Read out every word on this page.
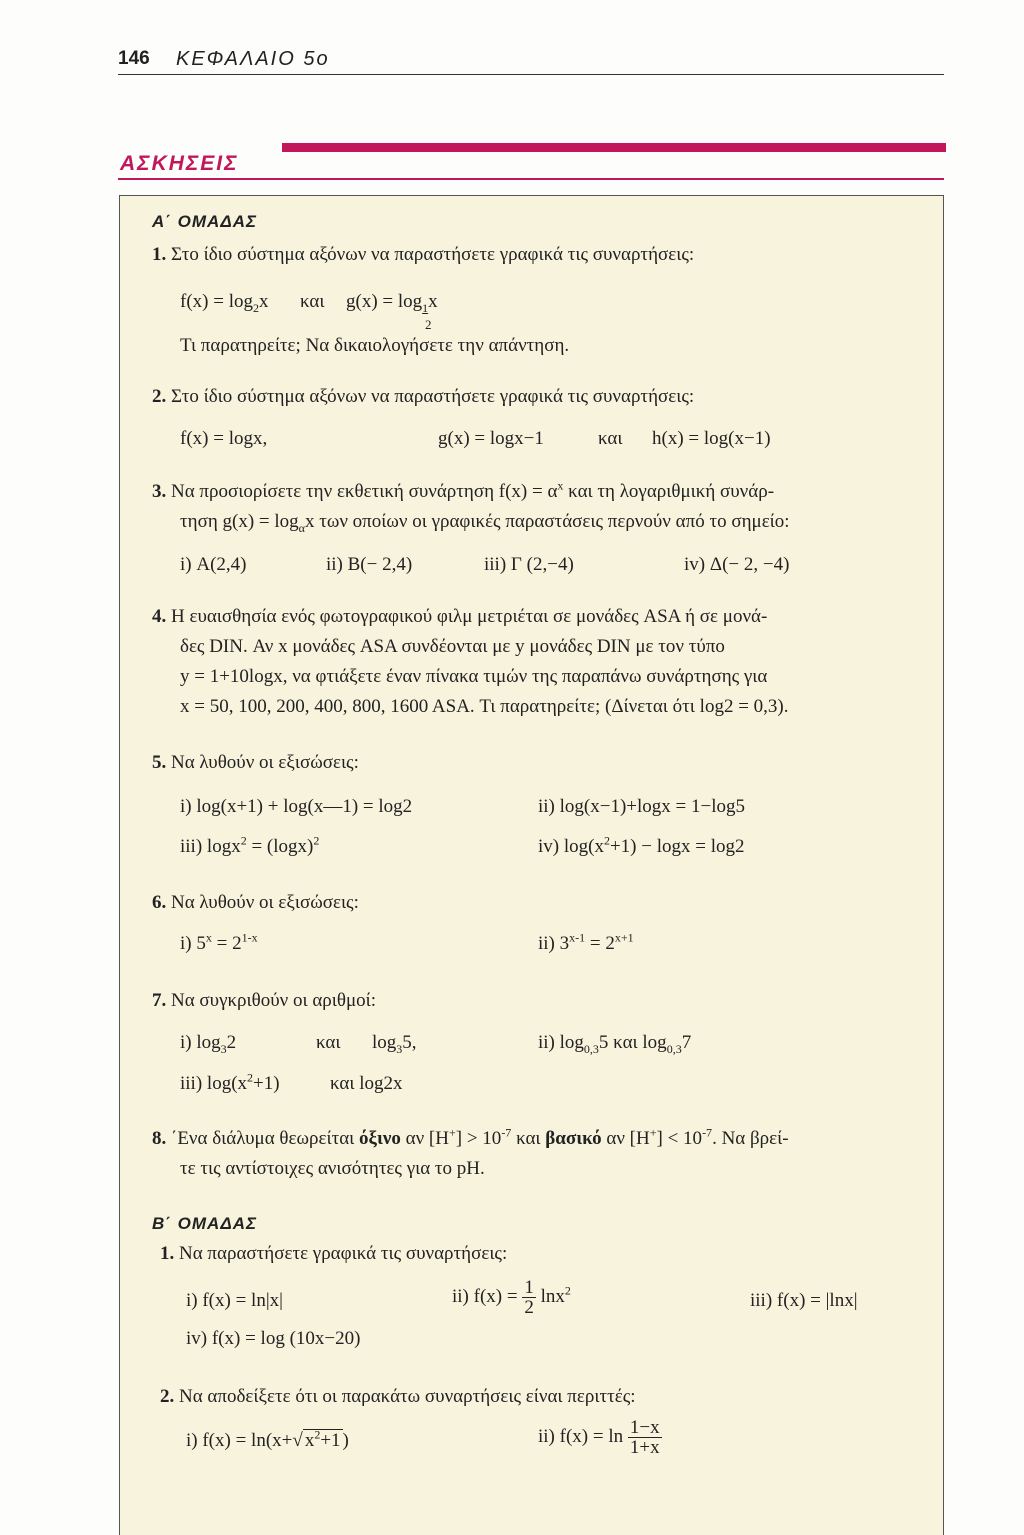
146 ΚΕΦΑΛΑΙΟ 5ο
ΑΣΚΗΣΕΙΣ
Α΄ ΟΜΑΔΑΣ
1. Στο ίδιο σύστημα αξόνων να παραστήσετε γραφικά τις συναρτήσεις:
$f(x) = \log_2x$ και $g(x) = \log_1x$
2
Τι παρατηρείτε; Να δικαιολογήσετε την απάντηση.
2. Στο ίδιο σύστημα αξόνων να παραστήσετε γραφικά τις συναρτήσεις:
f(x) = logx,	g(x) = logx−1	και h(x) = log(x−1)
3. Να προσιορίσετε την εκθετική συνάρτηση $f(x) = \alpha^x$ και τη λογαριθμική συνάρ-
τηση $g(x) = \log_\alpha x$ των οποίων οι γραφικές παραστάσεις περνούν από το σημείο:
i) Α(2,4)	ii) Β(− 2,4)	iii) Γ (2,−4)	iv) Δ(− 2, −4)
4. Η ευαισθησία ενός φωτογραφικού φιλμ μετριέται σε μονάδες ASA ή σε μονά-
δες DIN. Αν x μονάδες ASA συνδέονται με y μονάδες DIN με τον τύπο
y = 1+10logx, να φτιάξετε έναν πίνακα τιμών της παραπάνω συνάρτησης για
x = 50, 100, 200, 400, 800, 1600 ASA. Τι παρατηρείτε; (Δίνεται ότι log2 = 0,3).
5. Να λυθούν οι εξισώσεις:
i) log(x+1) + log(x—1) = log2	ii) log(x−1)+logx = 1−log5
iii) $\log x^2 = (\log x)^2$	iv) $\log(x^2+1) - \log x = \log 2$
6. Να λυθούν οι εξισώσεις:
i) $5^x = 2^{1-x}$	ii) $3^{x-1} = 2^{x+1}$
7. Να συγκριθούν οι αριθμοί:
i) $\log_32$	και $\log_35$,	ii) $\log_{0,3}5$ και $\log_{0,3}7$
iii) $\log(x^2+1)$	και log2x
8. ΄Ενα διάλυμα θεωρείται όξινο αν $[H^+] > 10^{-7}$ και βασικό αν $[H^+] < 10^{-7}$. Να βρεί-
τε τις αντίστοιχες ανισότητες για το pH.
Β΄ ΟΜΑΔΑΣ
1. Να παραστήσετε γραφικά τις συναρτήσεις:
i) f(x) = ln|x|	ii) $f(x) = \frac{1}{2} \ln x^2$	iii) f(x) = |lnx|
iv) f(x) = log (10x−20)
2. Να αποδείξετε ότι οι παρακάτω συναρτήσεις είναι περιττές:
i) f(x) = ln(x+√ $x^2+1$ )	ii) $f(x) = \ln \frac{1-x}{1+x}$
